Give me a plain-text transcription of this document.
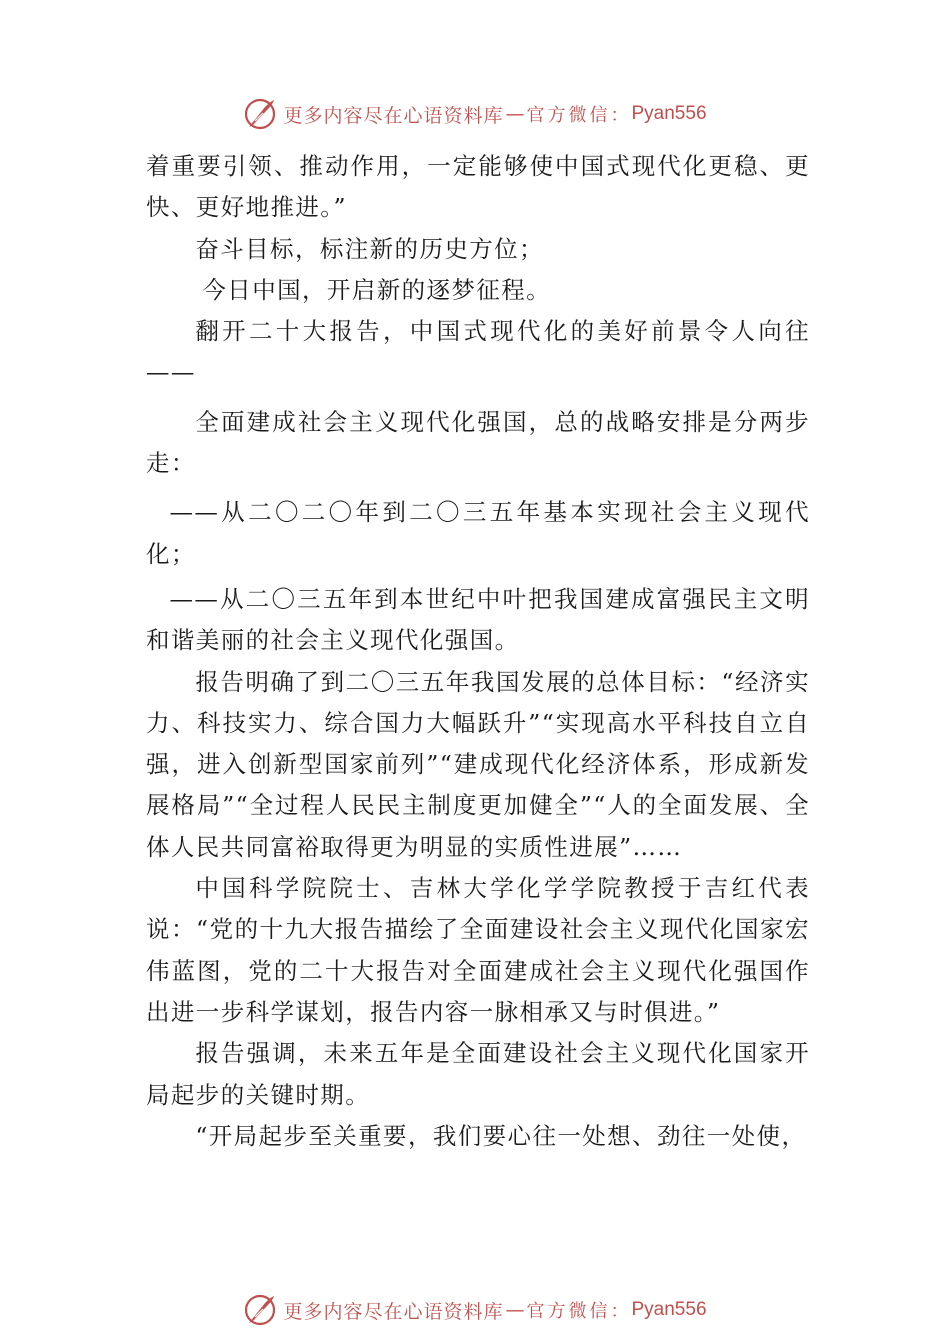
更多内容尽在心语资料库 — 官方微信： Pyan556

着重要引领、推动作用，一定能够使中国式现代化更稳、更快、更好地推进。”

奋斗目标，标注新的历史方位；

今日中国，开启新的逐梦征程。

翻开二十大报告，中国式现代化的美好前景令人向往——

全面建成社会主义现代化强国，总的战略安排是分两步走：

——从二〇二〇年到二〇三五年基本实现社会主义现代化；

——从二〇三五年到本世纪中叶把我国建成富强民主文明和谐美丽的社会主义现代化强国。

报告明确了到二〇三五年我国发展的总体目标：“经济实力、科技实力、综合国力大幅跃升”“实现高水平科技自立自强，进入创新型国家前列”“建成现代化经济体系，形成新发展格局”“全过程人民民主制度更加健全”“人的全面发展、全体人民共同富裕取得更为明显的实质性进展”……

中国科学院院士、吉林大学化学学院教授于吉红代表说：“党的十九大报告描绘了全面建设社会主义现代化国家宏伟蓝图，党的二十大报告对全面建成社会主义现代化强国作出进一步科学谋划，报告内容一脉相承又与时俱进。”

报告强调，未来五年是全面建设社会主义现代化国家开局起步的关键时期。

“开局起步至关重要，我们要心往一处想、劲往一处使，

更多内容尽在心语资料库 — 官方微信： Pyan556
